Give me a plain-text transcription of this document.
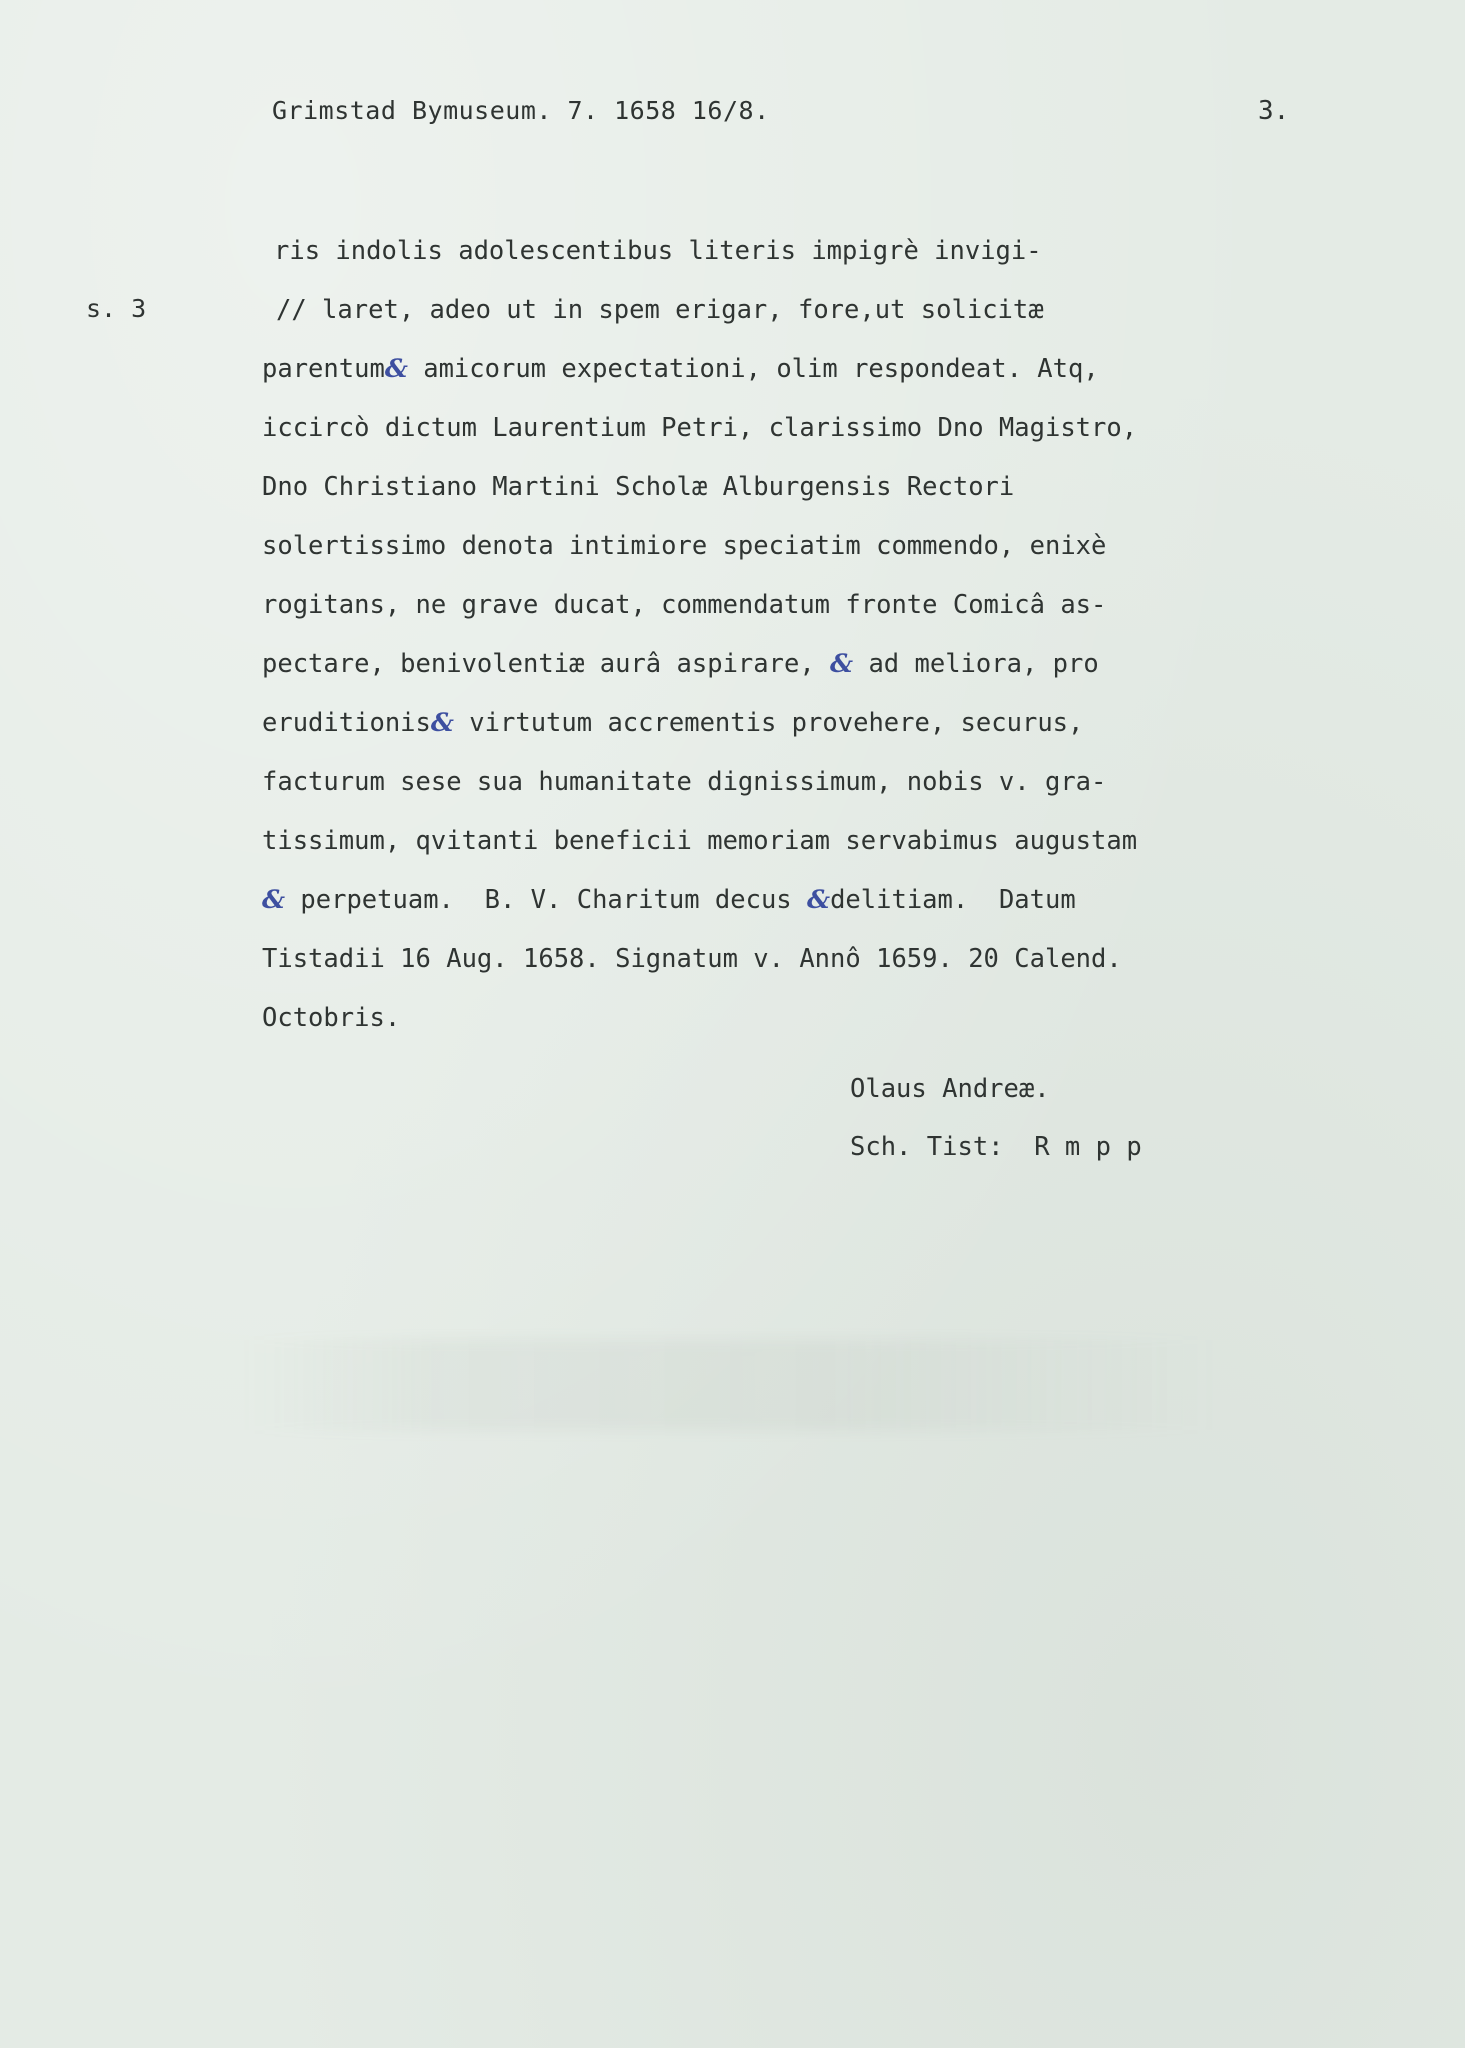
Grimstad Bymuseum. 7. 1658 16/8.	3.
s. 3
ris indolis adolescentibus literis impigrè invigi-
// laret, adeo ut in spem erigar, fore,ut solicitæ
parentum& amicorum expectationi, olim respondeat. Atq,
iccircò dictum Laurentium Petri, clarissimo Dno Magistro,
Dno Christiano Martini Scholæ Alburgensis Rectori
solertissimo denota intimiore speciatim commendo, enixè
rogitans, ne grave ducat, commendatum fronte Comicâ as-
pectare, benivolentiæ aurâ aspirare, & ad meliora, pro
eruditionis& virtutum accrementis provehere, securus,
facturum sese sua humanitate dignissimum, nobis v. gra-
tissimum, qvitanti beneficii memoriam servabimus augustam
& perpetuam.  B. V. Charitum decus &delitiam.  Datum
Tistadii 16 Aug. 1658. Signatum v. Annô 1659. 20 Calend.
Octobris.
Olaus Andreæ.
Sch. Tist:  R m p p
